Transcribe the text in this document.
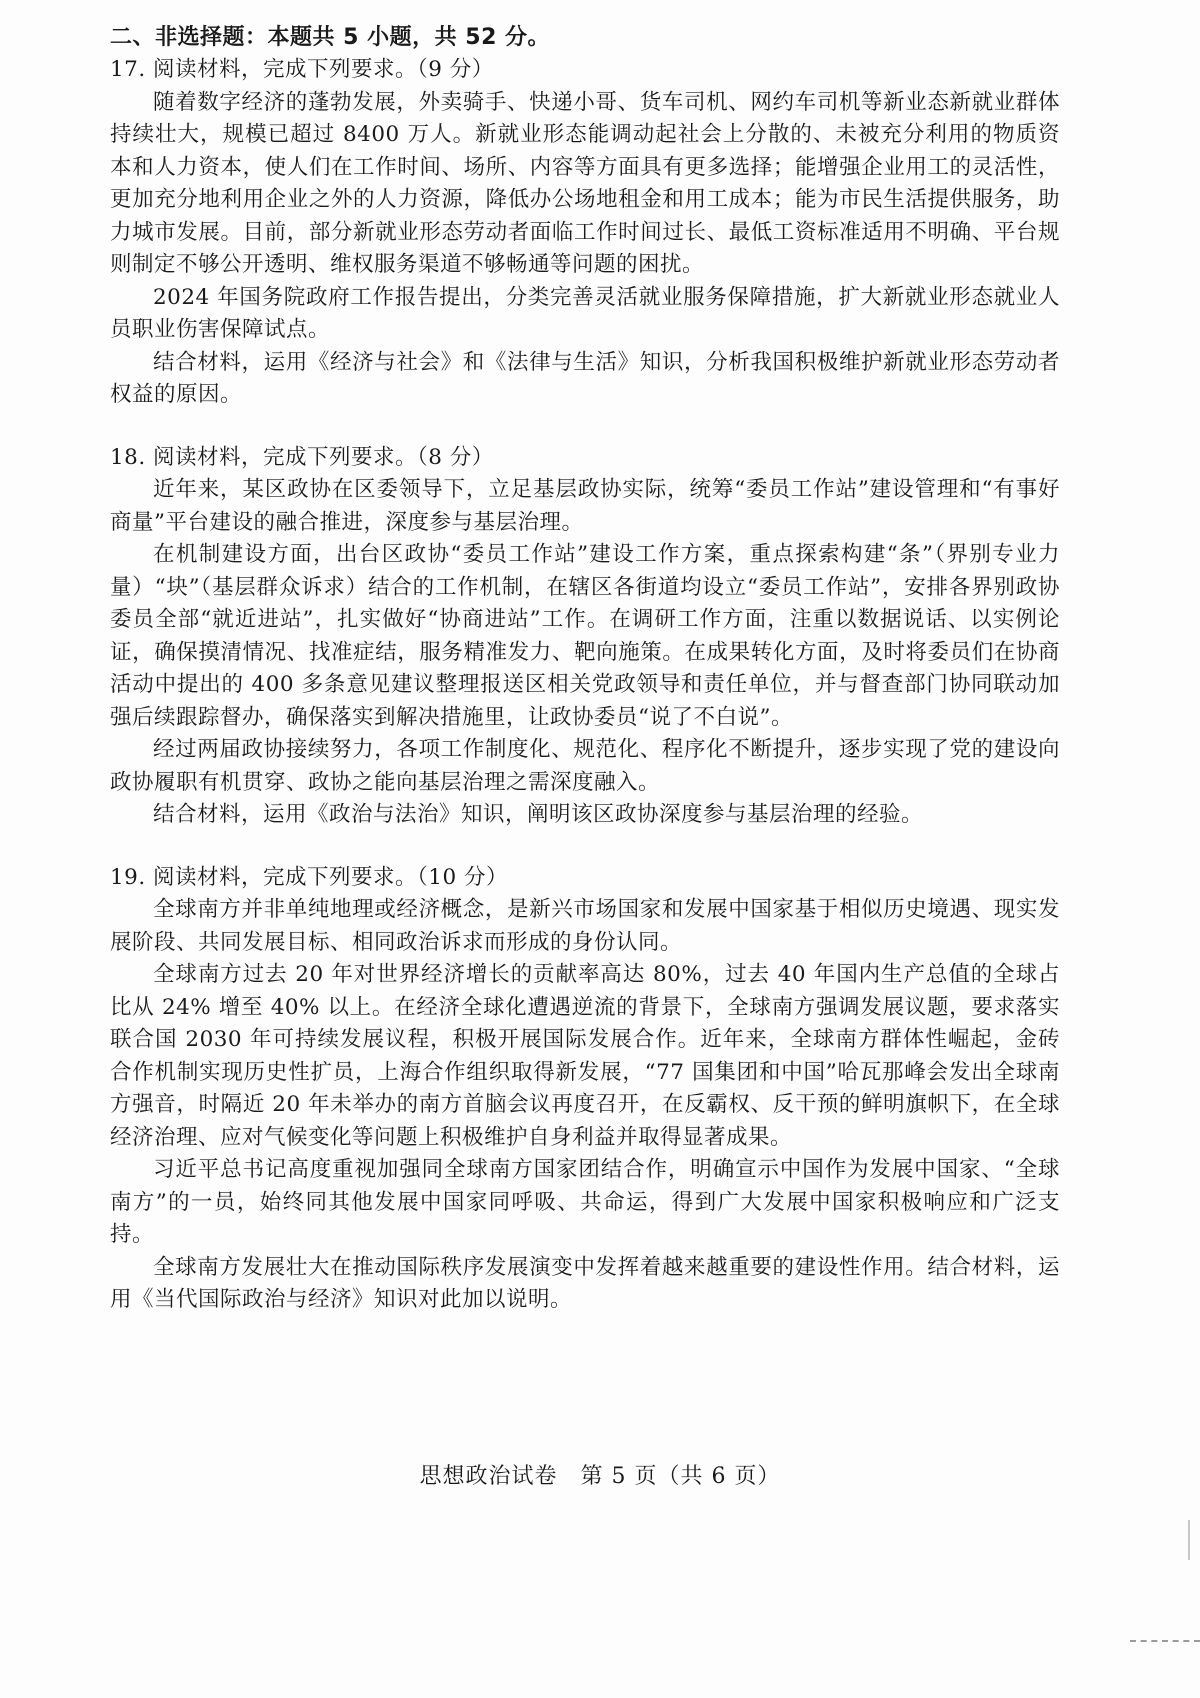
二、非选择题：本题共 5 小题，共 52 分。

17. 阅读材料，完成下列要求。（9 分）

随着数字经济的蓬勃发展，外卖骑手、快递小哥、货车司机、网约车司机等新业态新就业群体持续壮大，规模已超过 8400 万人。新就业形态能调动起社会上分散的、未被充分利用的物质资本和人力资本，使人们在工作时间、场所、内容等方面具有更多选择；能增强企业用工的灵活性，更加充分地利用企业之外的人力资源，降低办公场地租金和用工成本；能为市民生活提供服务，助力城市发展。目前，部分新就业形态劳动者面临工作时间过长、最低工资标准适用不明确、平台规则制定不够公开透明、维权服务渠道不够畅通等问题的困扰。

2024 年国务院政府工作报告提出，分类完善灵活就业服务保障措施，扩大新就业形态就业人员职业伤害保障试点。

结合材料，运用《经济与社会》和《法律与生活》知识，分析我国积极维护新就业形态劳动者权益的原因。

18. 阅读材料，完成下列要求。（8 分）

近年来，某区政协在区委领导下，立足基层政协实际，统筹“委员工作站”建设管理和“有事好商量”平台建设的融合推进，深度参与基层治理。

在机制建设方面，出台区政协“委员工作站”建设工作方案，重点探索构建“条”（界别专业力量）“块”（基层群众诉求）结合的工作机制，在辖区各街道均设立“委员工作站”，安排各界别政协委员全部“就近进站”，扎实做好“协商进站”工作。在调研工作方面，注重以数据说话、以实例论证，确保摸清情况、找准症结，服务精准发力、靶向施策。在成果转化方面，及时将委员们在协商活动中提出的 400 多条意见建议整理报送区相关党政领导和责任单位，并与督查部门协同联动加强后续跟踪督办，确保落实到解决措施里，让政协委员“说了不白说”。

经过两届政协接续努力，各项工作制度化、规范化、程序化不断提升，逐步实现了党的建设向政协履职有机贯穿、政协之能向基层治理之需深度融入。

结合材料，运用《政治与法治》知识，阐明该区政协深度参与基层治理的经验。

19. 阅读材料，完成下列要求。（10 分）

全球南方并非单纯地理或经济概念，是新兴市场国家和发展中国家基于相似历史境遇、现实发展阶段、共同发展目标、相同政治诉求而形成的身份认同。

全球南方过去 20 年对世界经济增长的贡献率高达 80%，过去 40 年国内生产总值的全球占比从 24% 增至 40% 以上。在经济全球化遭遇逆流的背景下，全球南方强调发展议题，要求落实联合国 2030 年可持续发展议程，积极开展国际发展合作。近年来，全球南方群体性崛起，金砖合作机制实现历史性扩员，上海合作组织取得新发展，“77 国集团和中国”哈瓦那峰会发出全球南方强音，时隔近 20 年未举办的南方首脑会议再度召开，在反霸权、反干预的鲜明旗帜下，在全球经济治理、应对气候变化等问题上积极维护自身利益并取得显著成果。

习近平总书记高度重视加强同全球南方国家团结合作，明确宣示中国作为发展中国家、“全球南方”的一员，始终同其他发展中国家同呼吸、共命运，得到广大发展中国家积极响应和广泛支持。

全球南方发展壮大在推动国际秩序发展演变中发挥着越来越重要的建设性作用。结合材料，运用《当代国际政治与经济》知识对此加以说明。

思想政治试卷　第 5 页（共 6 页）
